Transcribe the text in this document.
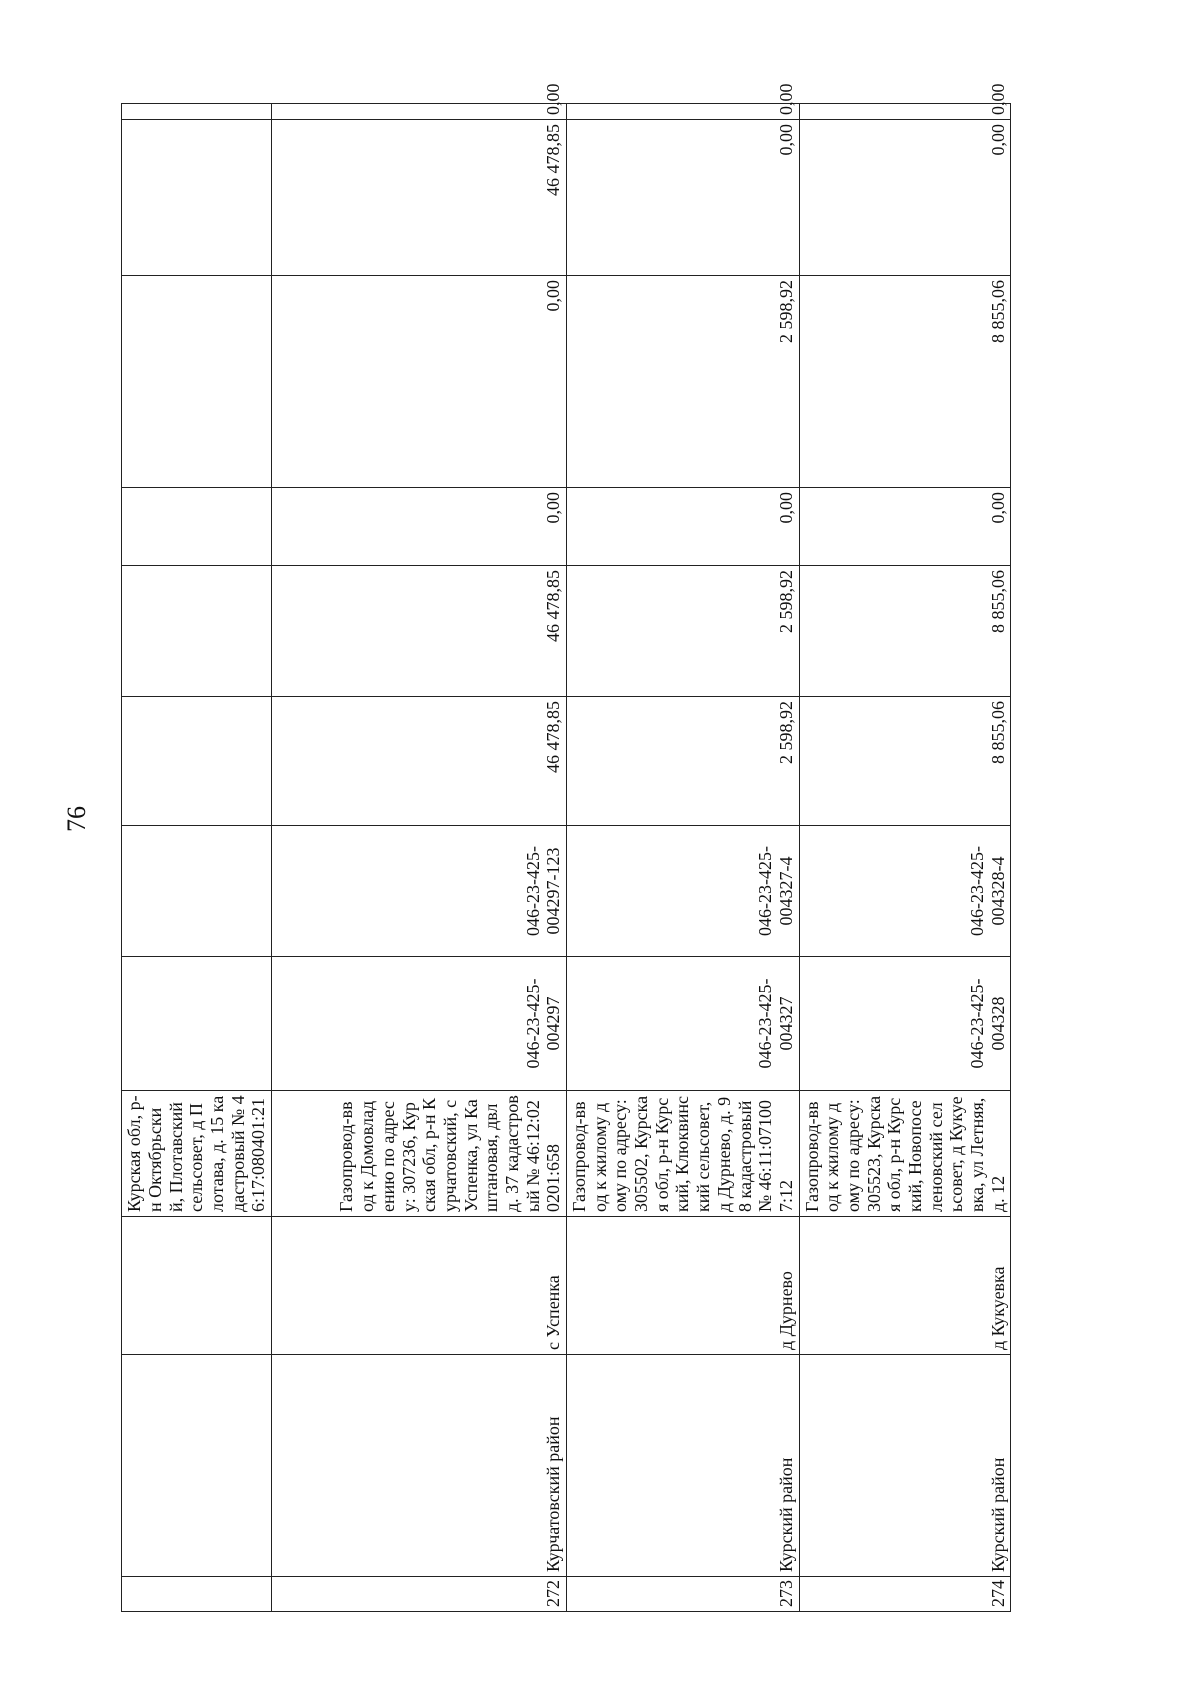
76
			Курская обл, р-н Октябрьский, Плотавский сельсовет, д Плотава, д. 15 кадастровый № 46:17:080401:21								
272	Курчатовский район	с Успенка	Газопровод-ввод к Домовладению по адресу: 307236, Курская обл, р-н Курчатовский, с Успенка, ул Каштановая, двлд. 37 кадастровый № 46:12:020201:658	046-23-425-004297	046-23-425-004297-123	46 478,85	46 478,85	0,00	0,00	46 478,85	0,00
273	Курский район	д Дурнево	Газопровод-ввод к жилому дому по адресу: 305502, Курская обл, р-н Курский, Клюквинский сельсовет, д Дурнево, д. 98 кадастровый № 46:11:071007:12	046-23-425-004327	046-23-425-004327-4	2 598,92	2 598,92	0,00	2 598,92	0,00	0,00
274	Курский район	д Кукуевка	Газопровод-ввод к жилому дому по адресу: 305523, Курская обл, р-н Курский, Новопоселеновский сельсовет, д Кукуевка, ул Летняя, д. 12	046-23-425-004328	046-23-425-004328-4	8 855,06	8 855,06	0,00	8 855,06	0,00	0,00
